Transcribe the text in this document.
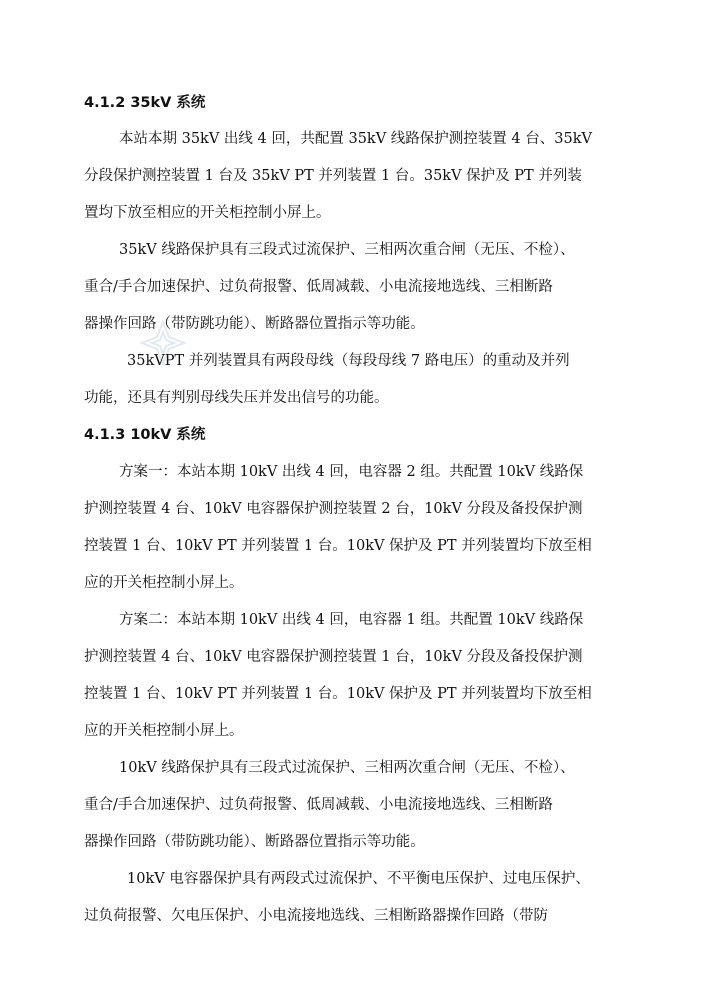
4.1.2 35kV 系统
本站本期 35kV 出线 4 回，共配置 35kV 线路保护测控装置 4 台、35kV
分段保护测控装置 1 台及 35kV PT 并列装置 1 台。35kV 保护及 PT 并列装
置均下放至相应的开关柜控制小屏上。
35kV 线路保护具有三段式过流保护、三相两次重合闸（无压、不检）、
重合/手合加速保护、过负荷报警、低周减载、小电流接地选线、三相断路
器操作回路（带防跳功能）、断路器位置指示等功能。
35kVPT 并列装置具有两段母线（每段母线 7 路电压）的重动及并列
功能，还具有判别母线失压并发出信号的功能。
4.1.3 10kV 系统
方案一：本站本期 10kV 出线 4 回，电容器 2 组。共配置 10kV 线路保
护测控装置 4 台、10kV 电容器保护测控装置 2 台，10kV 分段及备投保护测
控装置 1 台、10kV PT 并列装置 1 台。10kV 保护及 PT 并列装置均下放至相
应的开关柜控制小屏上。
方案二：本站本期 10kV 出线 4 回，电容器 1 组。共配置 10kV 线路保
护测控装置 4 台、10kV 电容器保护测控装置 1 台，10kV 分段及备投保护测
控装置 1 台、10kV PT 并列装置 1 台。10kV 保护及 PT 并列装置均下放至相
应的开关柜控制小屏上。
10kV 线路保护具有三段式过流保护、三相两次重合闸（无压、不检）、
重合/手合加速保护、过负荷报警、低周减载、小电流接地选线、三相断路
器操作回路（带防跳功能）、断路器位置指示等功能。
10kV 电容器保护具有两段式过流保护、不平衡电压保护、过电压保护、
过负荷报警、欠电压保护、小电流接地选线、三相断路器操作回路（带防
